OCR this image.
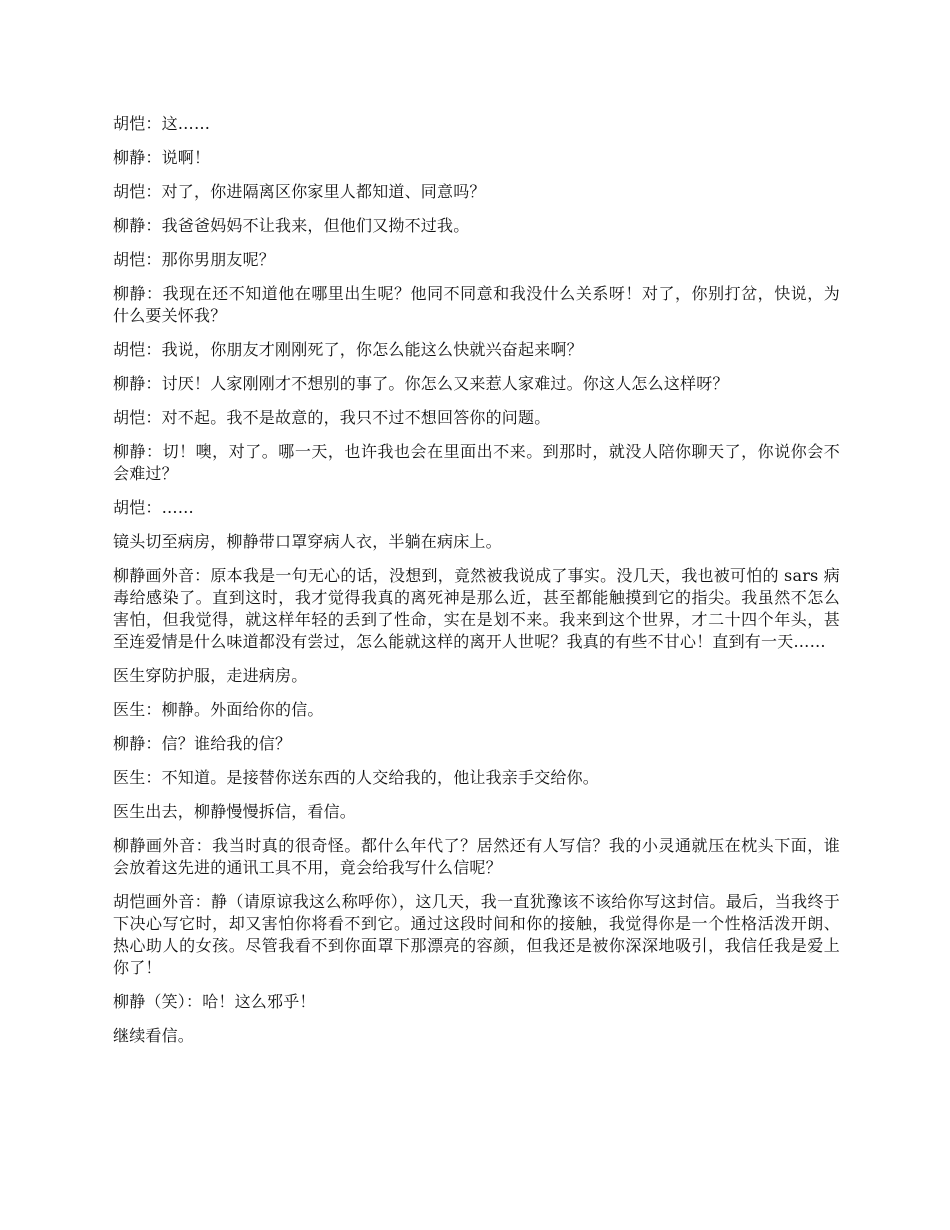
胡恺：这……

柳静：说啊！

胡恺：对了，你进隔离区你家里人都知道、同意吗？

柳静：我爸爸妈妈不让我来，但他们又拗不过我。

胡恺：那你男朋友呢？

柳静：我现在还不知道他在哪里出生呢？他同不同意和我没什么关系呀！对了，你别打岔，快说，为什么要关怀我？

胡恺：我说，你朋友才刚刚死了，你怎么能这么快就兴奋起来啊？

柳静：讨厌！人家刚刚才不想别的事了。你怎么又来惹人家难过。你这人怎么这样呀？

胡恺：对不起。我不是故意的，我只不过不想回答你的问题。

柳静：切！噢，对了。哪一天，也许我也会在里面出不来。到那时，就没人陪你聊天了，你说你会不会难过？

胡恺：……

镜头切至病房，柳静带口罩穿病人衣，半躺在病床上。

柳静画外音：原本我是一句无心的话，没想到，竟然被我说成了事实。没几天，我也被可怕的 sars 病毒给感染了。直到这时，我才觉得我真的离死神是那么近，甚至都能触摸到它的指尖。我虽然不怎么害怕，但我觉得，就这样年轻的丢到了性命，实在是划不来。我来到这个世界，才二十四个年头，甚至连爱情是什么味道都没有尝过，怎么能就这样的离开人世呢？我真的有些不甘心！直到有一天……

医生穿防护服，走进病房。

医生：柳静。外面给你的信。

柳静：信？谁给我的信？

医生：不知道。是接替你送东西的人交给我的，他让我亲手交给你。

医生出去，柳静慢慢拆信，看信。

柳静画外音：我当时真的很奇怪。都什么年代了？居然还有人写信？我的小灵通就压在枕头下面，谁会放着这先进的通讯工具不用，竟会给我写什么信呢？

胡恺画外音：静（请原谅我这么称呼你），这几天，我一直犹豫该不该给你写这封信。最后，当我终于下决心写它时，却又害怕你将看不到它。通过这段时间和你的接触，我觉得你是一个性格活泼开朗、热心助人的女孩。尽管我看不到你面罩下那漂亮的容颜，但我还是被你深深地吸引，我信任我是爱上你了！

柳静（笑）：哈！这么邪乎！

继续看信。
